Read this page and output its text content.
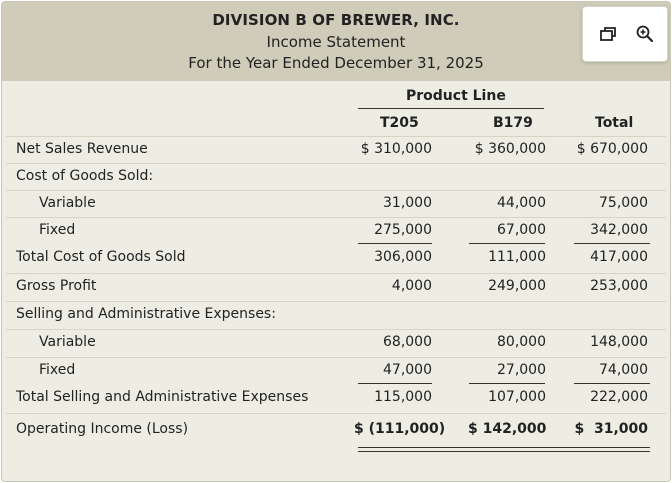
DIVISION B OF BREWER, INC.
Income Statement
For the Year Ended December 31, 2025
Product Line
T205	B179	Total
Net Sales Revenue	$ 310,000	$ 360,000	$ 670,000
Cost of Goods Sold:
Variable	31,000	44,000	75,000
Fixed	275,000	67,000	342,000
Total Cost of Goods Sold	306,000	111,000	417,000
Gross Profit	4,000	249,000	253,000
Selling and Administrative Expenses:
Variable	68,000	80,000	148,000
Fixed	47,000	27,000	74,000
Total Selling and Administrative Expenses	115,000	107,000	222,000
Operating Income (Loss)	$ (111,000) $ 142,000 $  31,000
